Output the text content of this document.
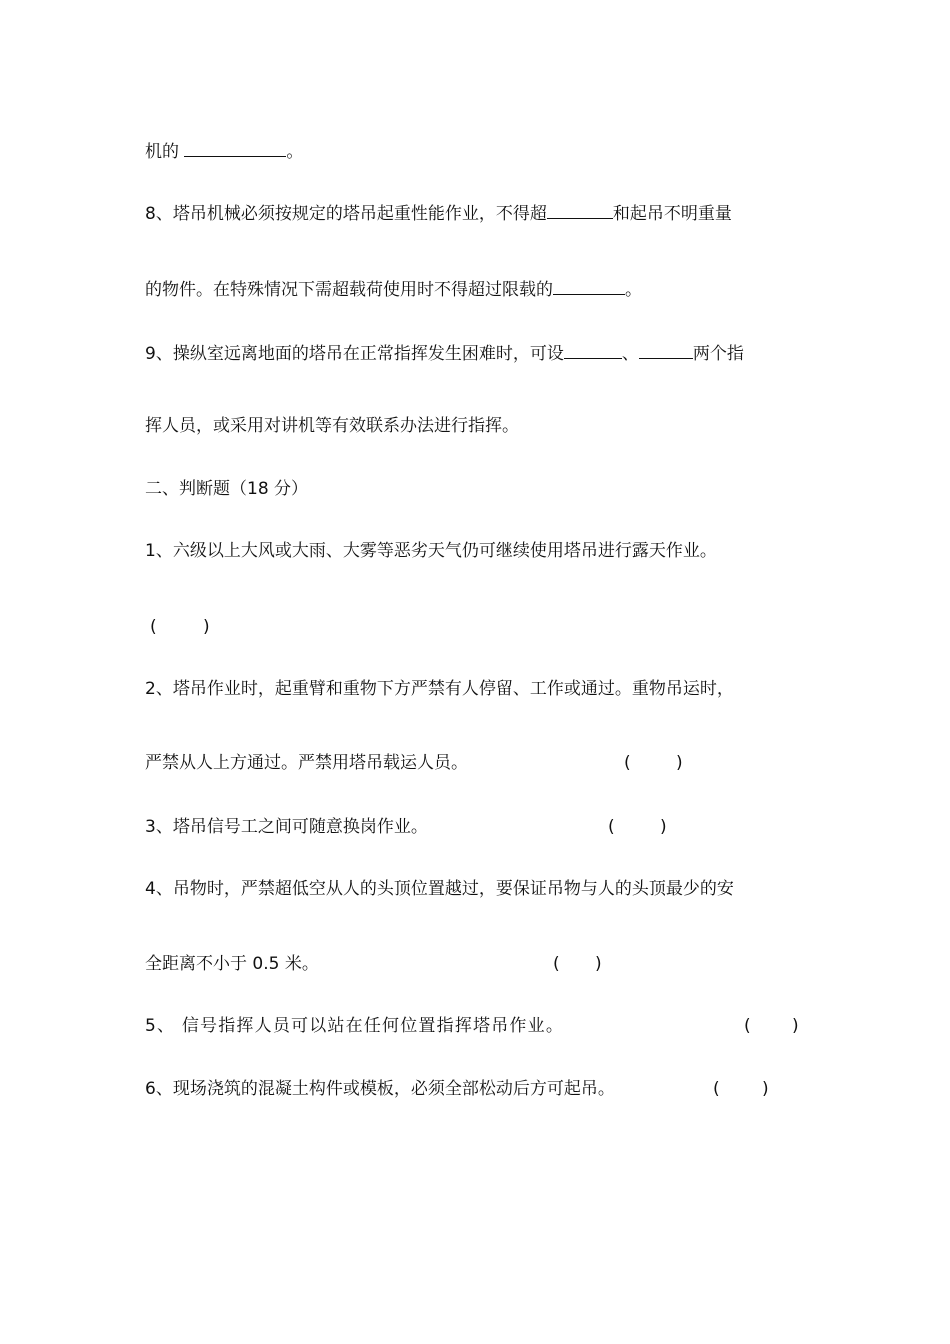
机的	。
8、塔吊机械必须按规定的塔吊起重性能作业，不得超	和起吊不明重量
的物件。在特殊情况下需超载荷使用时不得超过限载的	。
9、操纵室远离地面的塔吊在正常指挥发生困难时，可设	、	两个指
挥人员，或采用对讲机等有效联系办法进行指挥。
二、判断题（18 分）
1、六级以上大风或大雨、大雾等恶劣天气仍可继续使用塔吊进行露天作业。
(	)
2、塔吊作业时，起重臂和重物下方严禁有人停留、工作或通过。重物吊运时，
严禁从人上方通过。严禁用塔吊载运人员。	(	)
3、塔吊信号工之间可随意换岗作业。	(	)
4、吊物时，严禁超低空从人的头顶位置越过，要保证吊物与人的头顶最少的安
全距离不小于 0.5 米。	( )
5、 信号指挥人员可以站在任何位置指挥塔吊作业。	( )
6、现场浇筑的混凝土构件或模板，必须全部松动后方可起吊。	( )
